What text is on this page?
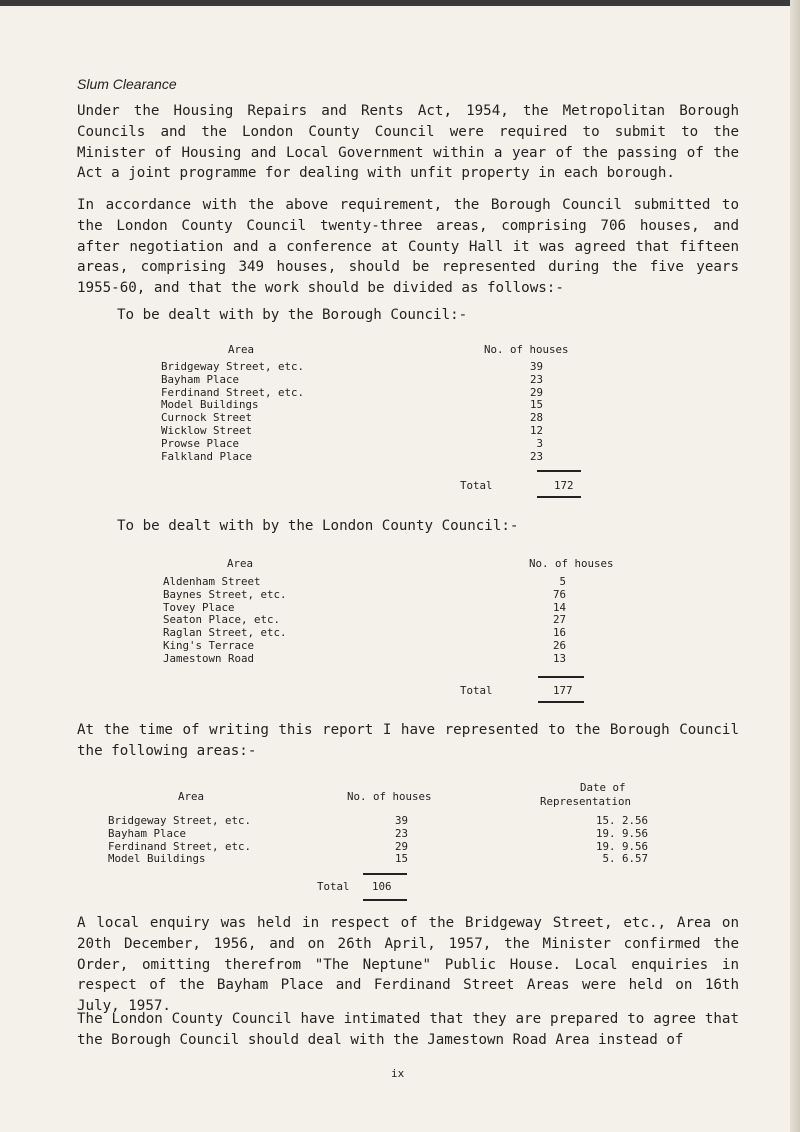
Slum Clearance

Under the Housing Repairs and Rents Act, 1954, the Metropolitan Borough Councils and the London County Council were required to submit to the Minister of Housing and Local Government within a year of the passing of the Act a joint programme for dealing with unfit property in each borough.

In accordance with the above requirement, the Borough Council submitted to the London County Council twenty-three areas, comprising 706 houses, and after negotiation and a conference at County Hall it was agreed that fifteen areas, comprising 349 houses, should be represented during the five years 1955-60, and that the work should be divided as follows:-

To be dealt with by the Borough Council:-
Area	No. of houses
Bridgeway Street, etc.	39
Bayham Place	23
Ferdinand Street, etc.	29
Model Buildings	15
Curnock Street	28
Wicklow Street	12
Prowse Place	3
Falkland Place	23
Total	172
To be dealt with by the London County Council:-
Area	No. of houses
Aldenham Street	5
Baynes Street, etc.	76
Tovey Place	14
Seaton Place, etc.	27
Raglan Street, etc.	16
King's Terrace	26
Jamestown Road	13
Total	177

At the time of writing this report I have represented to the Borough Council the following areas:-

Area	No. of houses
Date of
Representation
Bridgeway Street, etc.	39	15. 2.56
Bayham Place	23	19. 9.56
Ferdinand Street, etc.	29	19. 9.56
Model Buildings	15	5. 6.57
Total 106

A local enquiry was held in respect of the Bridgeway Street, etc., Area on 20th December, 1956, and on 26th April, 1957, the Minister confirmed the Order, omitting therefrom "The Neptune" Public House. Local enquiries in respect of the Bayham Place and Ferdinand Street Areas were held on 16th July, 1957.

The London County Council have intimated that they are prepared to agree that the Borough Council should deal with the Jamestown Road Area instead of

ix
